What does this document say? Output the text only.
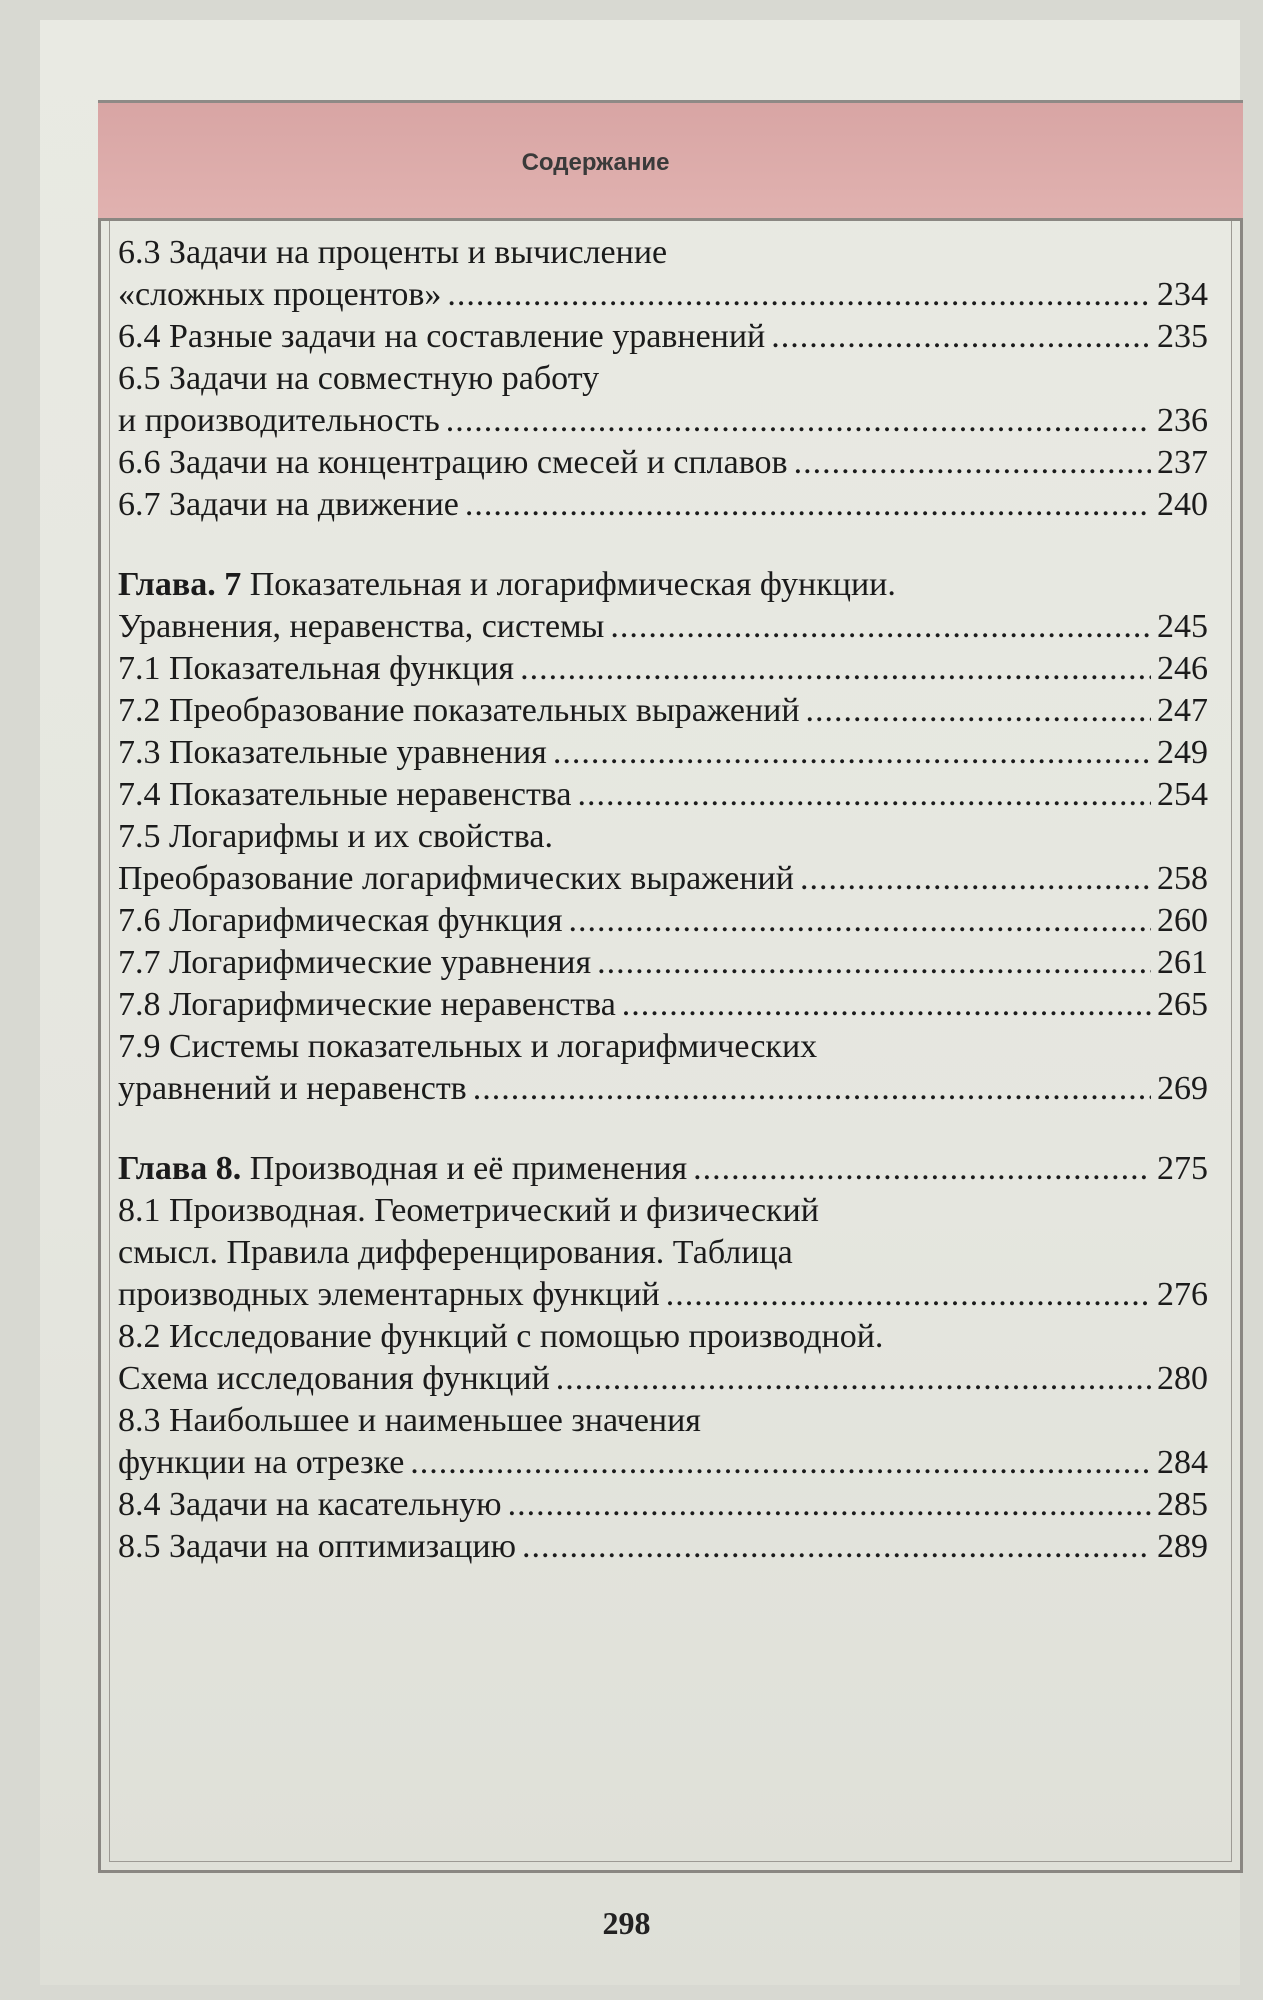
Содержание
6.3 Задачи на проценты и вычисление
«сложных процентов» .....	234
6.4 Разные задачи на составление уравнений .....	235
6.5 Задачи на совместную работу
и производительность .....	236
6.6 Задачи на концентрацию смесей и сплавов .....	237
6.7 Задачи на движение .....	240
Глава. 7 Показательная и логарифмическая функции.
Уравнения, неравенства, системы .....	245
7.1 Показательная функция .....	246
7.2 Преобразование показательных выражений .....	247
7.3 Показательные уравнения .....	249
7.4 Показательные неравенства .....	254
7.5 Логарифмы и их свойства.
Преобразование логарифмических выражений .....	258
7.6 Логарифмическая функция .....	260
7.7 Логарифмические уравнения .....	261
7.8 Логарифмические неравенства .....	265
7.9 Системы показательных и логарифмических
уравнений и неравенств .....	269
Глава 8. Производная и её применения .....	275
8.1 Производная. Геометрический и физический
смысл. Правила дифференцирования. Таблица
производных элементарных функций .....	276
8.2 Исследование функций с помощью производной.
Схема исследования функций .....	280
8.3 Наибольшее и наименьшее значения
функции на отрезке .....	284
8.4 Задачи на касательную .....	285
8.5 Задачи на оптимизацию .....	289
298
